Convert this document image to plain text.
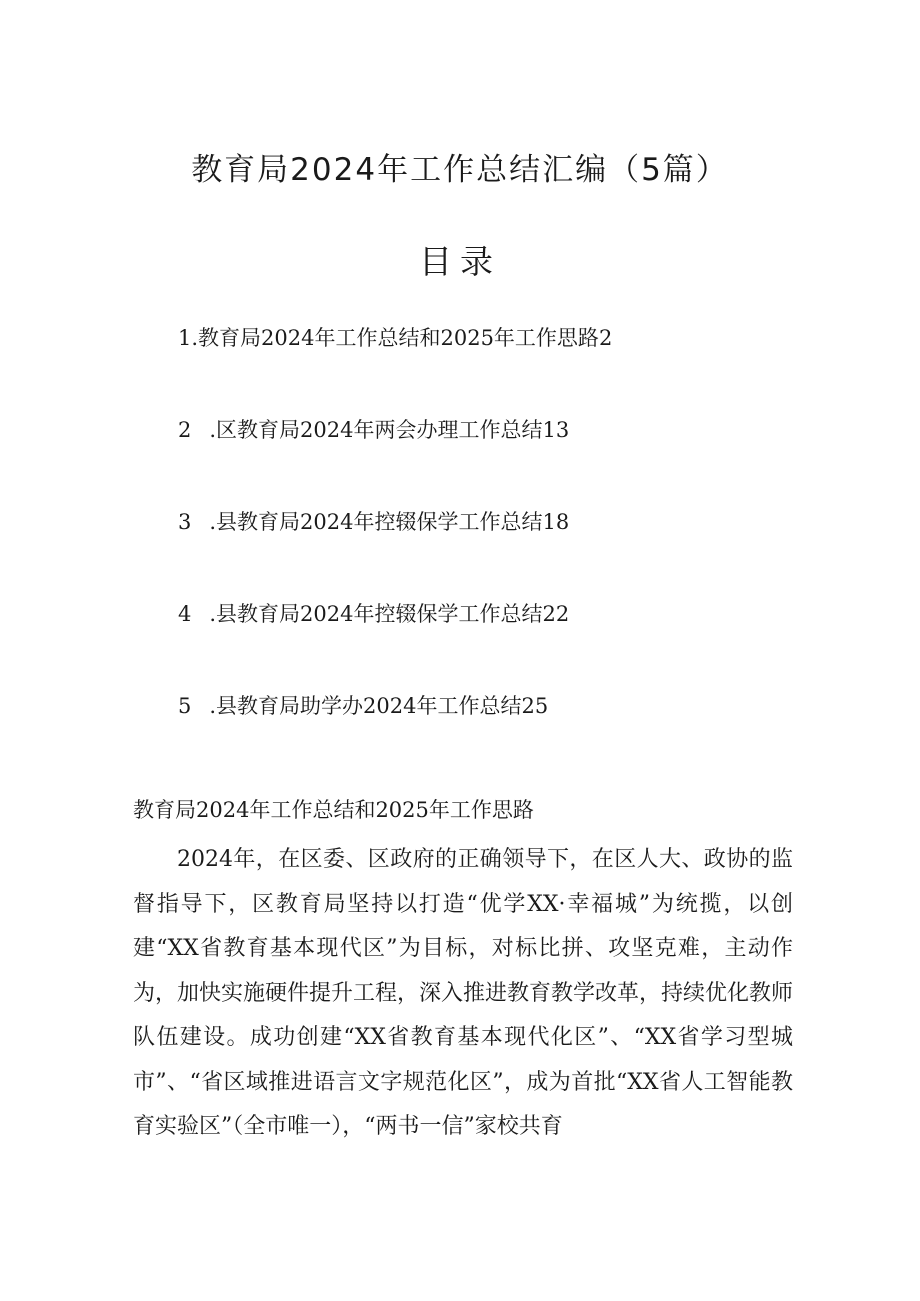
教育局2024年工作总结汇编（5篇）
目录
1.教育局2024年工作总结和2025年工作思路2
2 .区教育局2024年两会办理工作总结13
3 .县教育局2024年控辍保学工作总结18
4 .县教育局2024年控辍保学工作总结22
5 .县教育局助学办2024年工作总结25
教育局2024年工作总结和2025年工作思路

2024年，在区委、区政府的正确领导下，在区人大、政协的监督指导下，区教育局坚持以打造“优学XX·幸福城”为统揽，以创建“XX省教育基本现代区”为目标，对标比拼、攻坚克难，主动作为，加快实施硬件提升工程，深入推进教育教学改革，持续优化教师队伍建设。成功创建“XX省教育基本现代化区”、“XX省学习型城市”、“省区域推进语言文字规范化区”，成为首批“XX省人工智能教育实验区”（全市唯一），“两书一信”家校共育
